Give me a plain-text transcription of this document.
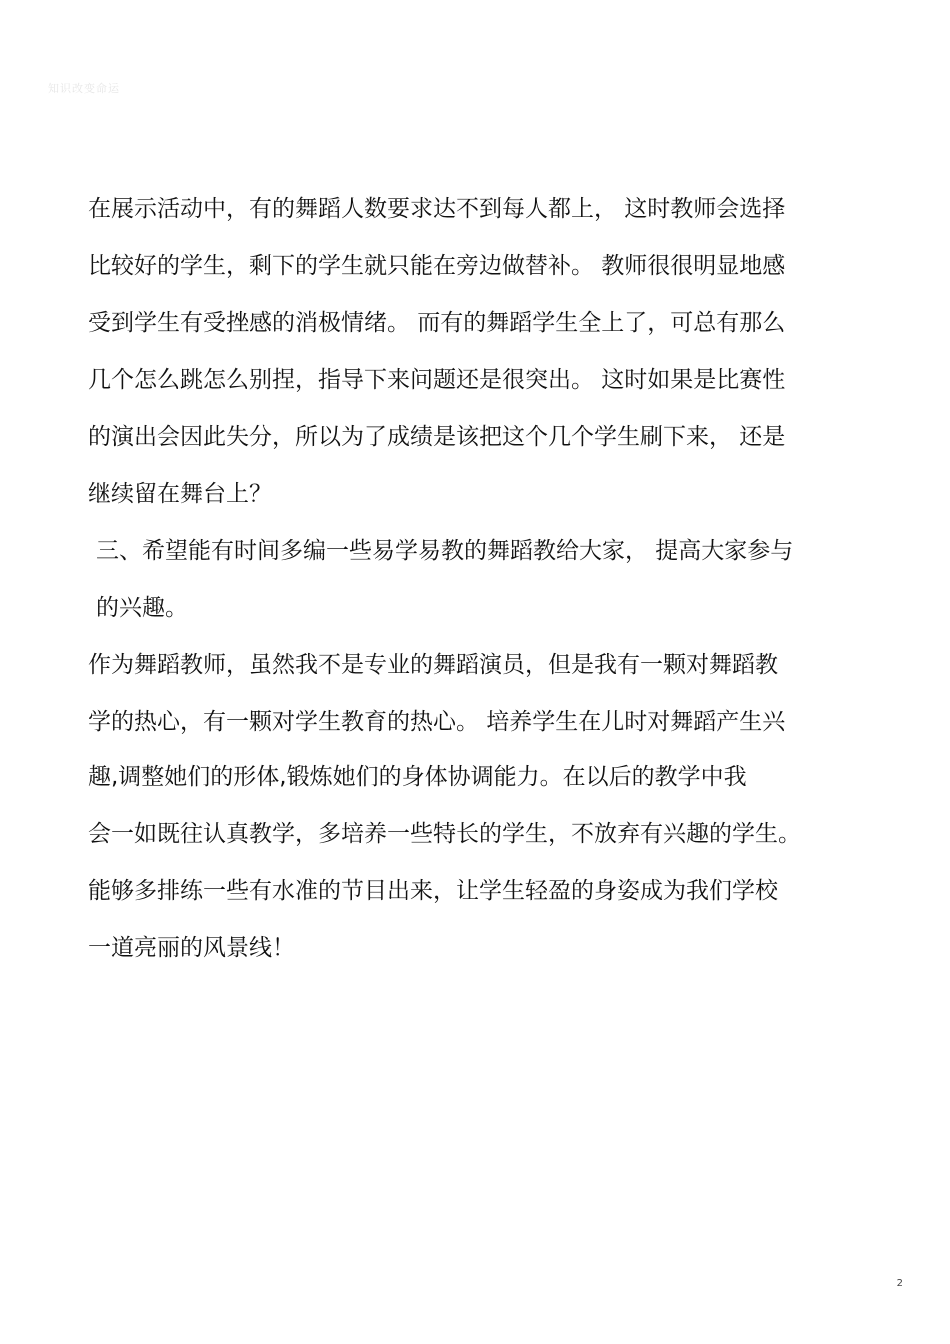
知识改变命运
在展示活动中，有的舞蹈人数要求达不到每人都上， 这时教师会选择
比较好的学生，剩下的学生就只能在旁边做替补。 教师很很明显地感
受到学生有受挫感的消极情绪。 而有的舞蹈学生全上了，可总有那么
几个怎么跳怎么别捏，指导下来问题还是很突出。 这时如果是比赛性
的演出会因此失分，所以为了成绩是该把这个几个学生刷下来， 还是
继续留在舞台上？
三、希望能有时间多编一些易学易教的舞蹈教给大家， 提高大家参与
的兴趣。
作为舞蹈教师，虽然我不是专业的舞蹈演员，但是我有一颗对舞蹈教
学的热心，有一颗对学生教育的热心。 培养学生在儿时对舞蹈产生兴
趣,调整她们的形体,锻炼她们的身体协调能力。在以后的教学中我
会一如既往认真教学，多培养一些特长的学生，不放弃有兴趣的学生。
能够多排练一些有水准的节目出来，让学生轻盈的身姿成为我们学校
一道亮丽的风景线！
2
